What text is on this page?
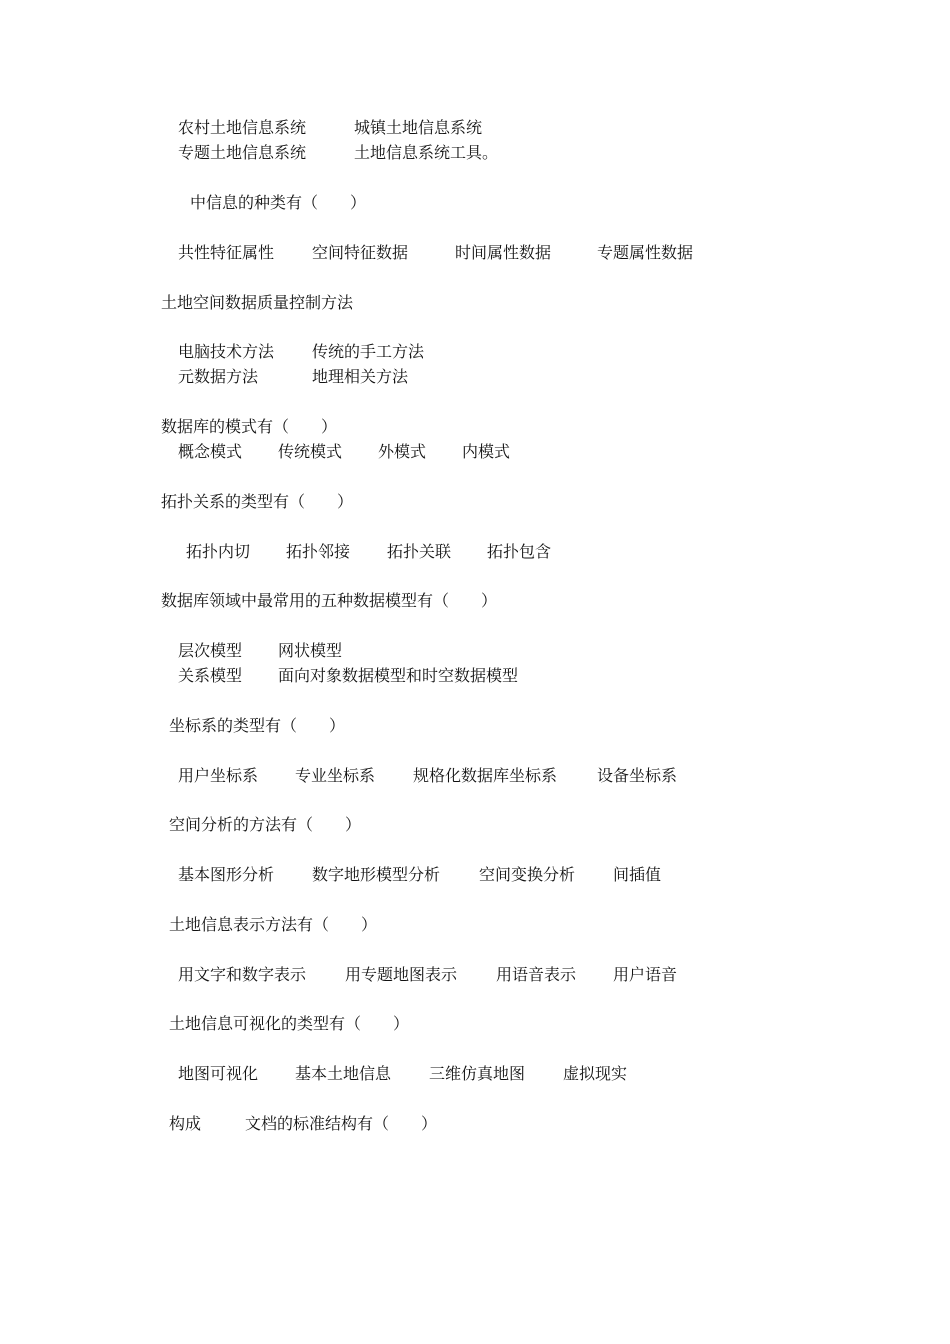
农村土地信息系统	城镇土地信息系统
专题土地信息系统	土地信息系统工具。
中信息的种类有（　　）
共性特征属性 空间特征数据	时间属性数据	专题属性数据
土地空间数据质量控制方法
电脑技术方法 传统的手工方法
元数据方法	地理相关方法
数据库的模式有（　　）
概念模式 传统模式 外模式 内模式
拓扑关系的类型有（　　）
拓扑内切 拓扑邻接 拓扑关联 拓扑包含
数据库领域中最常用的五种数据模型有（　　）
层次模型 网状模型
关系模型 面向对象数据模型和时空数据模型
坐标系的类型有（　　）
用户坐标系 专业坐标系 规格化数据库坐标系 设备坐标系
空间分析的方法有（　　）
基本图形分析 数字地形模型分析 空间变换分析 间插值
土地信息表示方法有（　　）
用文字和数字表示 用专题地图表示 用语音表示 用户语音
土地信息可视化的类型有（　　）
地图可视化 基本土地信息 三维仿真地图 虚拟现实
构成	文档的标准结构有（　　）
